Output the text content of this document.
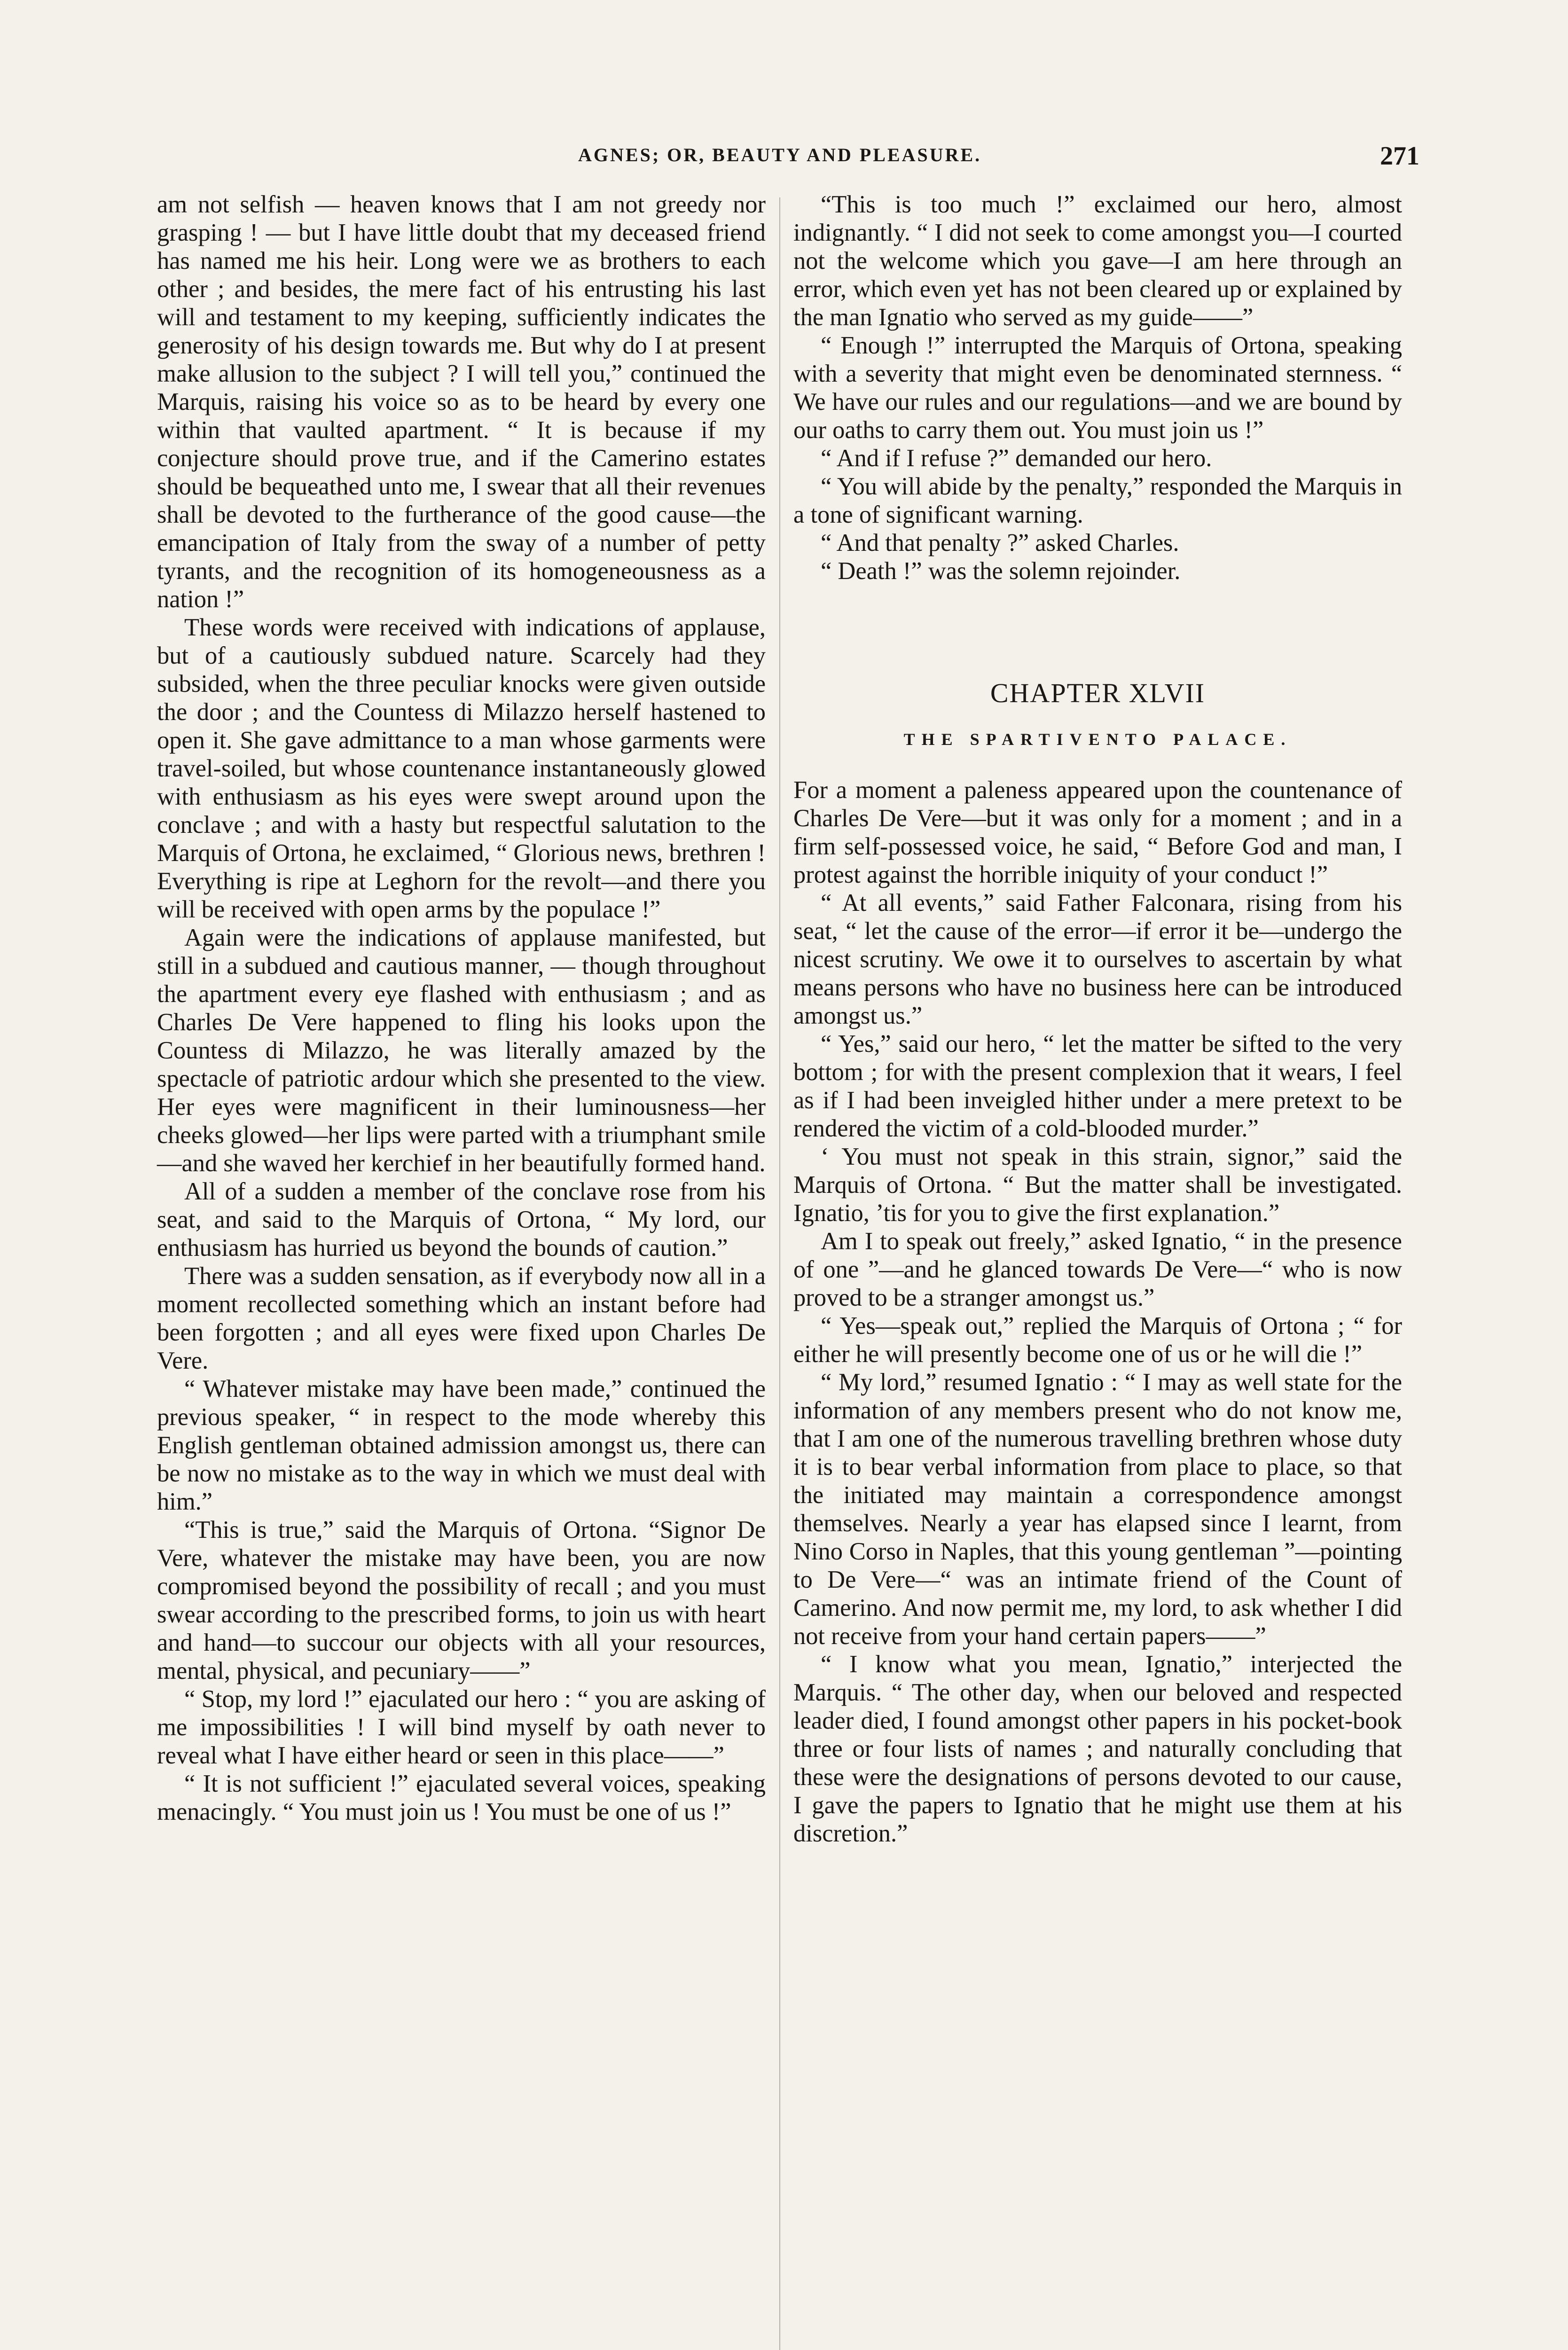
AGNES; OR, BEAUTY AND PLEASURE.	271

am not selfish — heaven knows that I am not greedy nor grasping ! — but I have little doubt that my deceased friend has named me his heir. Long were we as brothers to each other ; and besides, the mere fact of his entrusting his last will and testament to my keeping, sufficiently indicates the generosity of his design towards me. But why do I at present make allusion to the subject ? I will tell you,” continued the Marquis, raising his voice so as to be heard by every one within that vaulted apartment. “ It is because if my conjecture should prove true, and if the Camerino estates should be bequeathed unto me, I swear that all their revenues shall be devoted to the furtherance of the good cause—the emancipation of Italy from the sway of a number of petty tyrants, and the recognition of its homogeneousness as a nation !”

These words were received with indications of applause, but of a cautiously subdued nature. Scarcely had they subsided, when the three peculiar knocks were given outside the door ; and the Countess di Milazzo herself hastened to open it. She gave admittance to a man whose garments were travel-soiled, but whose countenance instantaneously glowed with enthusiasm as his eyes were swept around upon the conclave ; and with a hasty but respectful salutation to the Marquis of Ortona, he exclaimed, “ Glorious news, brethren ! Everything is ripe at Leghorn for the revolt—and there you will be received with open arms by the populace !”

Again were the indications of applause manifested, but still in a subdued and cautious manner, — though throughout the apartment every eye flashed with enthusiasm ; and as Charles De Vere happened to fling his looks upon the Countess di Milazzo, he was literally amazed by the spectacle of patriotic ardour which she presented to the view. Her eyes were magnificent in their luminousness—her cheeks glowed—her lips were parted with a triumphant smile—and she waved her kerchief in her beautifully formed hand.

All of a sudden a member of the conclave rose from his seat, and said to the Marquis of Ortona, “ My lord, our enthusiasm has hurried us beyond the bounds of caution.”

There was a sudden sensation, as if everybody now all in a moment recollected something which an instant before had been forgotten ; and all eyes were fixed upon Charles De Vere.

“ Whatever mistake may have been made,” continued the previous speaker, “ in respect to the mode whereby this English gentleman obtained admission amongst us, there can be now no mistake as to the way in which we must deal with him.”

“This is true,” said the Marquis of Ortona. “Signor De Vere, whatever the mistake may have been, you are now compromised beyond the possibility of recall ; and you must swear according to the prescribed forms, to join us with heart and hand—to succour our objects with all your resources, mental, physical, and pecuniary——”

“ Stop, my lord !” ejaculated our hero : “ you are asking of me impossibilities ! I will bind myself by oath never to reveal what I have either heard or seen in this place——”

“ It is not sufficient !” ejaculated several voices, speaking menacingly. “ You must join us ! You must be one of us !”

“This is too much !” exclaimed our hero, almost indignantly. “ I did not seek to come amongst you—I courted not the welcome which you gave—I am here through an error, which even yet has not been cleared up or explained by the man Ignatio who served as my guide——”

“ Enough !” interrupted the Marquis of Ortona, speaking with a severity that might even be denominated sternness. “ We have our rules and our regulations—and we are bound by our oaths to carry them out. You must join us !”

“ And if I refuse ?” demanded our hero.

“ You will abide by the penalty,” responded the Marquis in a tone of significant warning.

“ And that penalty ?” asked Charles.

“ Death !” was the solemn rejoinder.

CHAPTER XLVII

THE SPARTIVENTO PALACE.

For a moment a paleness appeared upon the countenance of Charles De Vere—but it was only for a moment ; and in a firm self-possessed voice, he said, “ Before God and man, I protest against the horrible iniquity of your conduct !”

“ At all events,” said Father Falconara, rising from his seat, “ let the cause of the error—if error it be—undergo the nicest scrutiny. We owe it to ourselves to ascertain by what means persons who have no business here can be introduced amongst us.”

“ Yes,” said our hero, “ let the matter be sifted to the very bottom ; for with the present complexion that it wears, I feel as if I had been inveigled hither under a mere pretext to be rendered the victim of a cold-blooded murder.”

‘ You must not speak in this strain, signor,” said the Marquis of Ortona. “ But the matter shall be investigated. Ignatio, ’tis for you to give the first explanation.”

Am I to speak out freely,” asked Ignatio, “ in the presence of one ”—and he glanced towards De Vere—“ who is now proved to be a stranger amongst us.”

“ Yes—speak out,” replied the Marquis of Ortona ; “ for either he will presently become one of us or he will die !”

“ My lord,” resumed Ignatio : “ I may as well state for the information of any members present who do not know me, that I am one of the numerous travelling brethren whose duty it is to bear verbal information from place to place, so that the initiated may maintain a correspondence amongst themselves. Nearly a year has elapsed since I learnt, from Nino Corso in Naples, that this young gentleman ”—pointing to De Vere—“ was an intimate friend of the Count of Camerino. And now permit me, my lord, to ask whether I did not receive from your hand certain papers——”

“ I know what you mean, Ignatio,” interjected the Marquis. “ The other day, when our beloved and respected leader died, I found amongst other papers in his pocket-book three or four lists of names ; and naturally concluding that these were the designations of persons devoted to our cause, I gave the papers to Ignatio that he might use them at his discretion.”
